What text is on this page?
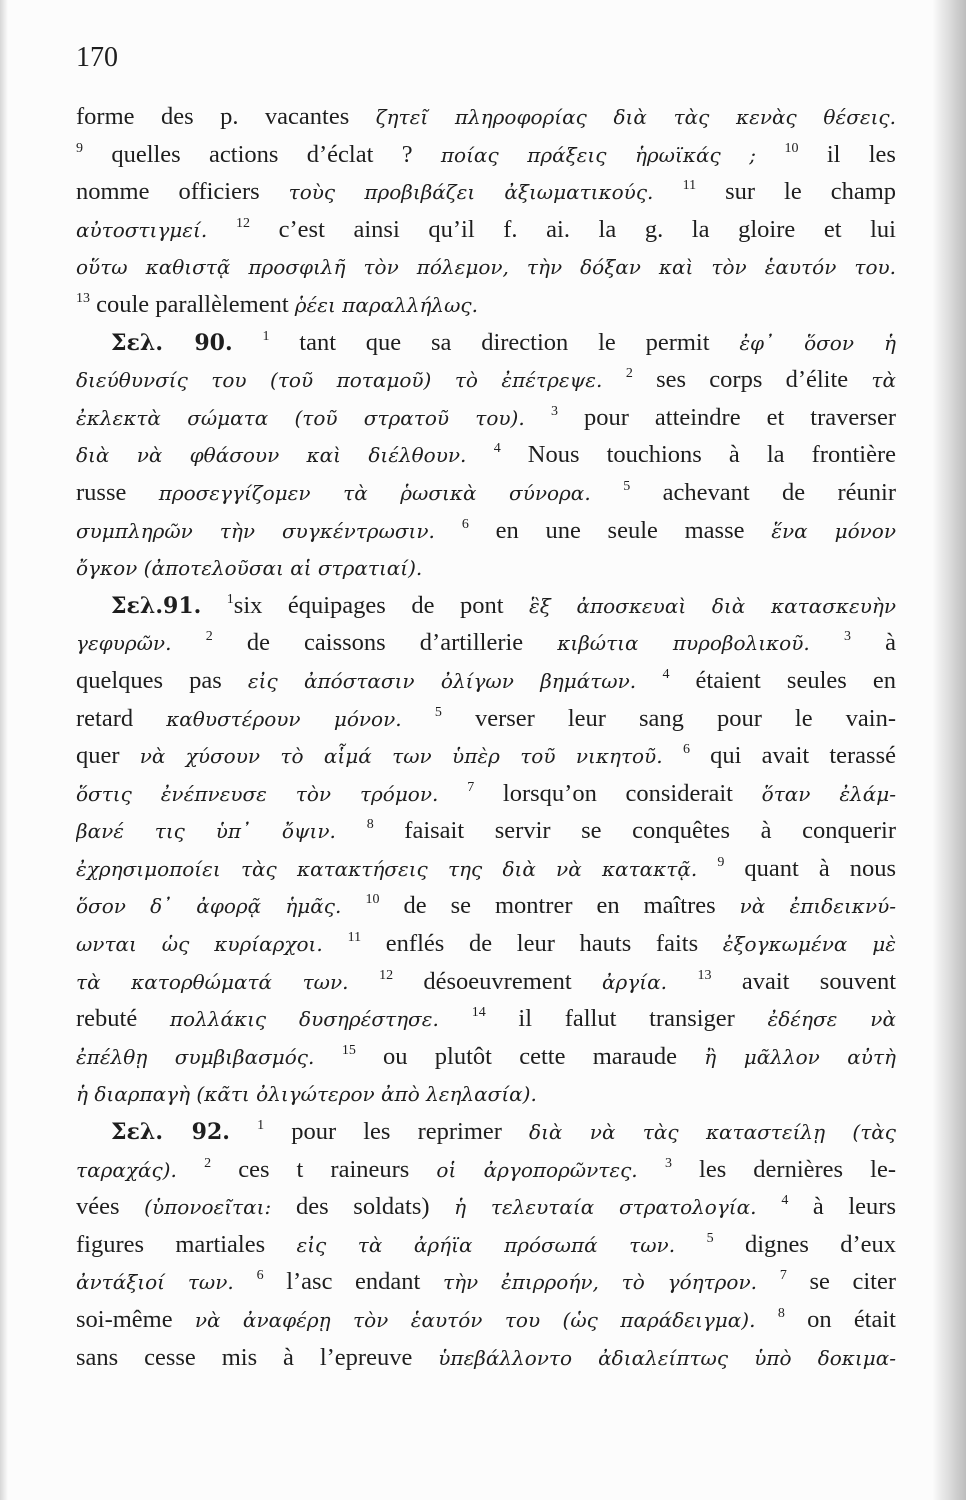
170
forme des p. vacantes ζητεῖ πληροφορίας διὰ τὰς κενὰς θέσεις.
$^9$ quelles actions d’éclat ? ποίας πράξεις ἡρωϊκάς ; $^{10}$ il les
nomme officiers τοὺς προβιβάζει ἀξιωματικούς. $^{11}$ sur le champ
αὐτοστιγμεί. $^{12}$ c’est ainsi qu’il f. ai. la g. la gloire et lui
οὕτω καθιστᾷ προσφιλῆ τὸν πόλεμον, τὴν δόξαν καὶ τὸν ἑαυτόν του.
$^{13}$ coule parallèlement ῥέει παραλλήλως.
Σελ. 90. $^1$ tant que sa direction le permit ἐφ᾽ ὅσον ἡ
διεύθυνσίς του (τοῦ ποταμοῦ) τὸ ἐπέτρεψε. $^2$ ses corps d’élite τὰ
ἐκλεκτὰ σώματα (τοῦ στρατοῦ του). $^3$ pour atteindre et traverser
διὰ νὰ φθάσουν καὶ διέλθουν. $^4$ Nous touchions à la frontière
russe προσεγγίζομεν τὰ ῥωσικὰ σύνορα. $^5$ achevant de réunir
συμπληρῶν τὴν συγκέντρωσιν. $^6$ en une seule masse ἕνα μόνον
ὄγκον (ἀποτελοῦσαι αἱ στρατιαί).
Σελ.91. $^1$six équipages de pont ἓξ ἀποσκευαὶ διὰ κατασκευὴν
γεφυρῶν. $^2$ de caissons d’artillerie κιβώτια πυροβολικοῦ. $^3$ à
quelques pas εἰς ἀπόστασιν ὀλίγων βημάτων. $^4$ étaient seules en
retard καθυστέρουν μόνον. $^5$ verser leur sang pour le vain-
quer νὰ χύσουν τὸ αἷμά των ὑπὲρ τοῦ νικητοῦ. $^6$ qui avait terassé
ὅστις ἐνέπνευσε τὸν τρόμον. $^7$ lorsqu’on considerait ὅταν ἐλάμ-
βανέ τις ὑπ᾽ ὄψιν. $^8$ faisait servir se conquêtes à conquerir
ἐχρησιμοποίει τὰς κατακτήσεις της διὰ νὰ κατακτᾷ. $^9$ quant à nous
ὅσον δ᾽ ἀφορᾷ ἡμᾶς. $^{10}$ de se montrer en maîtres νὰ ἐπιδεικνύ-
ωνται ὡς κυρίαρχοι. $^{11}$ enflés de leur hauts faits ἐξογκωμένα μὲ
τὰ κατορθώματά των. $^{12}$ désoeuvrement ἀργία. $^{13}$ avait souvent
rebuté πολλάκις δυσηρέστησε. $^{14}$ il fallut transiger ἐδέησε νὰ
ἐπέλθῃ συμβιβασμός. $^{15}$ ou plutôt cette maraude ἢ μᾶλλον αὐτὴ
ἡ διαρπαγὴ (κᾶτι ὀλιγώτερον ἀπὸ λεηλασία).
Σελ. 92. $^1$ pour les reprimer διὰ νὰ τὰς καταστείλῃ (τὰς
ταραχάς). $^2$ ces t raineurs οἱ ἀργοπορῶντες. $^3$ les dernières le-
vées (ὑπονοεῖται: des soldats) ἡ τελευταία στρατολογία. $^4$ à leurs
figures martiales εἰς τὰ ἀρήϊα πρόσωπά των. $^5$ dignes d’eux
ἀντάξιοί των. $^6$ l’asc endant τὴν ἐπιρροήν, τὸ γόητρον. $^7$ se citer
soi-même νὰ ἀναφέρῃ τὸν ἑαυτόν του (ὡς παράδειγμα). $^8$ on était
sans cesse mis à l’epreuve ὑπεβάλλοντο ἀδιαλείπτως ὑπὸ δοκιμα-
